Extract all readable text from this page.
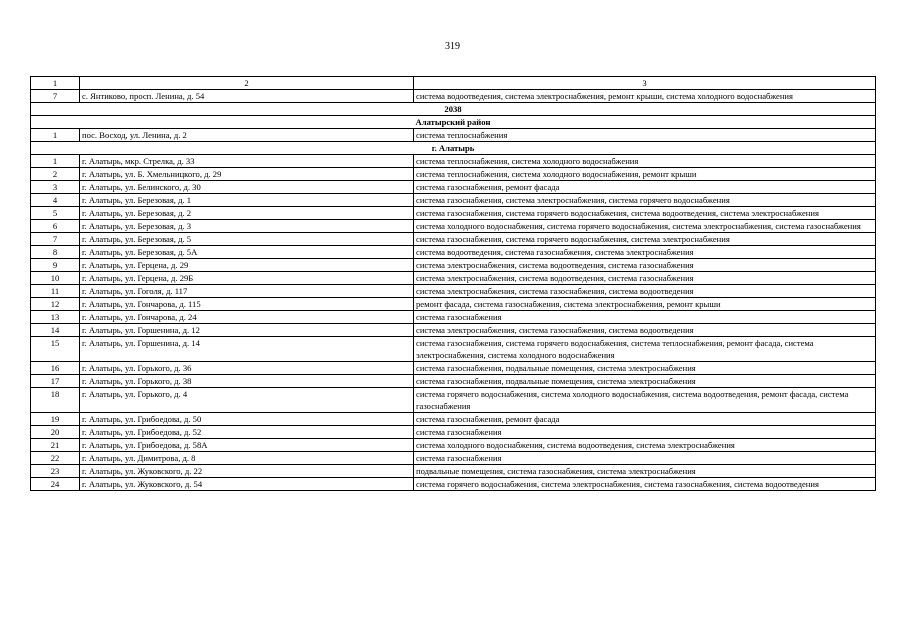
319
1	2	3
7	с. Янтиково, просп. Ленина, д. 54	система водоотведения, система электроснабжения, ремонт крыши, система холодного водоснабжения
2038		
Алатырский район		
1	пос. Восход, ул. Ленина, д. 2	система теплоснабжения
г. Алатырь		
1	г. Алатырь, мкр. Стрелка, д. 33	система теплоснабжения, система холодного водоснабжения
2	г. Алатырь, ул. Б. Хмельницкого, д. 29	система теплоснабжения, система холодного водоснабжения, ремонт крыши
3	г. Алатырь, ул. Белинского, д. 30	система газоснабжения, ремонт фасада
4	г. Алатырь, ул. Березовая, д. 1	система газоснабжения, система электроснабжения, система горячего водоснабжения
5	г. Алатырь, ул. Березовая, д. 2	система газоснабжения, система горячего водоснабжения, система водоотведения, система электроснабжения
6	г. Алатырь, ул. Березовая, д. 3	система холодного водоснабжения, система горячего водоснабжения, система электроснабжения, система газоснабжения
7	г. Алатырь, ул. Березовая, д. 5	система газоснабжения, система горячего водоснабжения, система электроснабжения
8	г. Алатырь, ул. Березовая, д. 5А	система водоотведения, система газоснабжения, система электроснабжения
9	г. Алатырь, ул. Герцена, д. 29	система электроснабжения, система водоотведения, система газоснабжения
10	г. Алатырь, ул. Герцена, д. 29Б	система электроснабжения, система водоотведения, система газоснабжения
11	г. Алатырь, ул. Гоголя, д. 117	система электроснабжения, система газоснабжения, система водоотведения
12	г. Алатырь, ул. Гончарова, д. 115	ремонт фасада, система газоснабжения, система электроснабжения, ремонт крыши
13	г. Алатырь, ул. Гончарова, д. 24	система газоснабжения
14	г. Алатырь, ул. Горшенина, д. 12	система электроснабжения, система газоснабжения, система водоотведения
15	г. Алатырь, ул. Горшенина, д. 14	система газоснабжения, система горячего водоснабжения, система теплоснабжения, ремонт фасада, система электроснабжения, система холодного водоснабжения
16	г. Алатырь, ул. Горького, д. 36	система газоснабжения, подвальные помещения, система электроснабжения
17	г. Алатырь, ул. Горького, д. 38	система газоснабжения, подвальные помещения, система электроснабжения
18	г. Алатырь, ул. Горького, д. 4	система горячего водоснабжения, система холодного водоснабжения, система водоотведения, ремонт фасада, система газоснабжения
19	г. Алатырь, ул. Грибоедова, д. 50	система газоснабжения, ремонт фасада
20	г. Алатырь, ул. Грибоедова, д. 52	система газоснабжения
21	г. Алатырь, ул. Грибоедова, д. 58А	система холодного водоснабжения, система водоотведения, система электроснабжения
22	г. Алатырь, ул. Димитрова, д. 8	система газоснабжения
23	г. Алатырь, ул. Жуковского, д. 22	подвальные помещения, система газоснабжения, система электроснабжения
24	г. Алатырь, ул. Жуковского, д. 54	система горячего водоснабжения, система электроснабжения, система газоснабжения, система водоотведения
